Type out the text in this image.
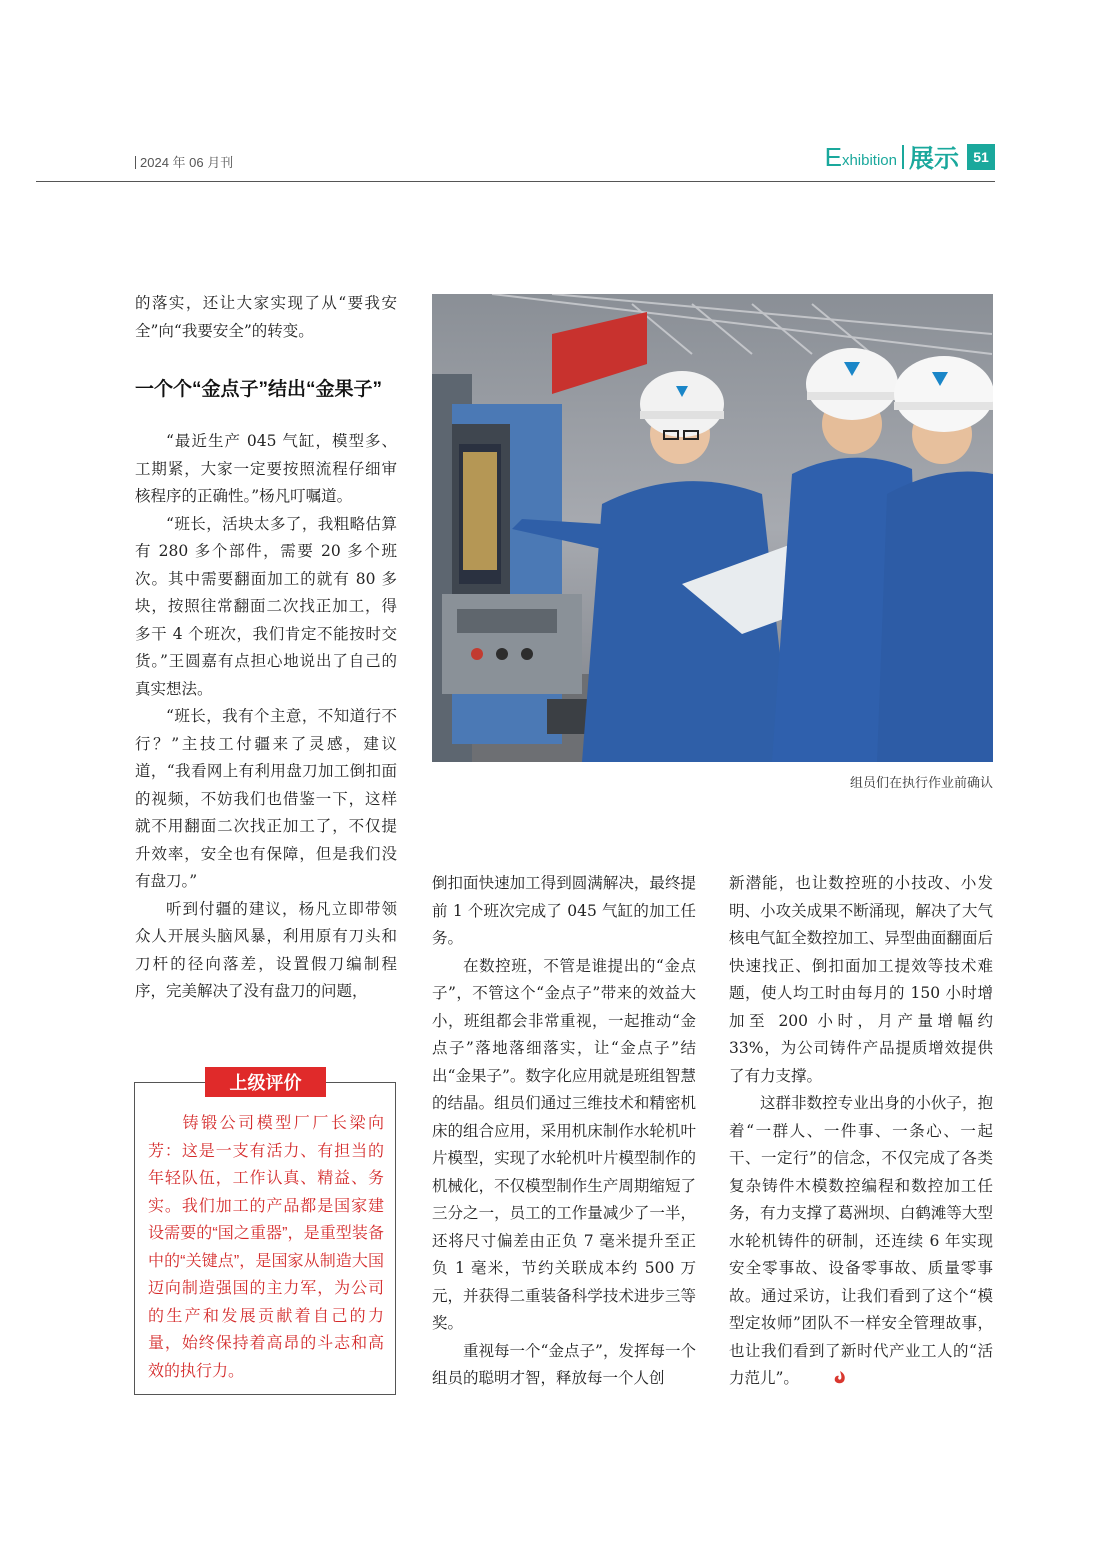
2024 年 06 月刊	E xhibition 展示	51

的落实，还让大家实现了从“要我安全”向“我要安全”的转变。

一个个“金点子”结出“金果子”

“最近生产 045 气缸，模型多、工期紧，大家一定要按照流程仔细审核程序的正确性。”杨凡叮嘱道。

“班长，活块太多了，我粗略估算有 280 多个部件，需要 20 多个班次。其中需要翻面加工的就有 80 多块，按照往常翻面二次找正加工，得多干 4 个班次，我们肯定不能按时交货。”王圆嘉有点担心地说出了自己的真实想法。

“班长，我有个主意，不知道行不行？”主技工付疆来了灵感，建议道，“我看网上有利用盘刀加工倒扣面的视频，不妨我们也借鉴一下，这样就不用翻面二次找正加工了，不仅提升效率，安全也有保障，但是我们没有盘刀。”

听到付疆的建议，杨凡立即带领众人开展头脑风暴，利用原有刀头和刀杆的径向落差，设置假刀编制程序，完美解决了没有盘刀的问题，

组员们在执行作业前确认
上级评价
铸锻公司模型厂厂长梁向芳：这是一支有活力、有担当的年轻队伍，工作认真、精益、务实。我们加工的产品都是国家建设需要的“国之重器”，是重型装备中的“关键点”，是国家从制造大国迈向制造强国的主力军，为公司的生产和发展贡献着自己的力量，始终保持着高昂的斗志和高效的执行力。

倒扣面快速加工得到圆满解决，最终提前 1 个班次完成了 045 气缸的加工任务。

在数控班，不管是谁提出的“金点子”，不管这个“金点子”带来的效益大小，班组都会非常重视，一起推动“金点子”落地落细落实，让“金点子”结出“金果子”。数字化应用就是班组智慧的结晶。组员们通过三维技术和精密机床的组合应用，采用机床制作水轮机叶片模型，实现了水轮机叶片模型制作的机械化，不仅模型制作生产周期缩短了三分之一，员工的工作量减少了一半，还将尺寸偏差由正负 7 毫米提升至正负 1 毫米，节约关联成本约 500 万元，并获得二重装备科学技术进步三等奖。

重视每一个“金点子”，发挥每一个组员的聪明才智，释放每一个人创

新潜能，也让数控班的小技改、小发明、小攻关成果不断涌现，解决了大气核电气缸全数控加工、异型曲面翻面后快速找正、倒扣面加工提效等技术难题，使人均工时由每月的 150 小时增加至 200 小时，月产量增幅约 33%，为公司铸件产品提质增效提供了有力支撑。

这群非数控专业出身的小伙子，抱着“一群人、一件事、一条心、一起干、一定行”的信念，不仅完成了各类复杂铸件木模数控编程和数控加工任务，有力支撑了葛洲坝、白鹤滩等大型水轮机铸件的研制，还连续 6 年实现安全零事故、设备零事故、质量零事故。通过采访，让我们看到了这个“模型定妆师”团队不一样安全管理故事，也让我们看到了新时代产业工人的“活力范儿”。
